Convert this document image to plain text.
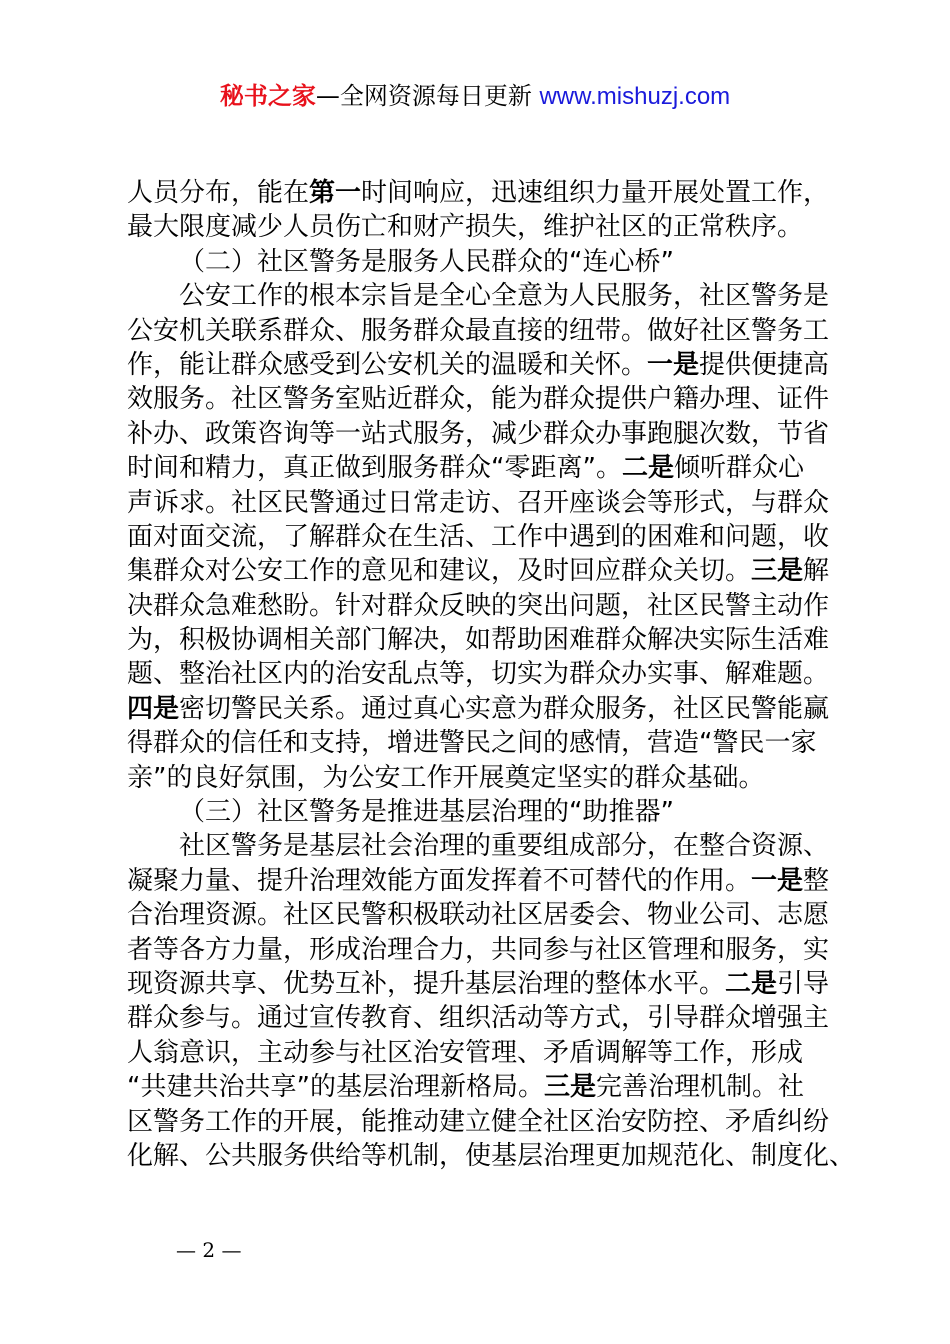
秘书之家—全网资源每日更新 www.mishuzj.com
人员分布，能在第一时间响应，迅速组织力量开展处置工作，
最大限度减少人员伤亡和财产损失，维护社区的正常秩序。
（二）社区警务是服务人民群众的“连心桥”
公安工作的根本宗旨是全心全意为人民服务，社区警务是
公安机关联系群众、服务群众最直接的纽带。做好社区警务工
作，能让群众感受到公安机关的温暖和关怀。一是提供便捷高
效服务。社区警务室贴近群众，能为群众提供户籍办理、证件
补办、政策咨询等一站式服务，减少群众办事跑腿次数，节省
时间和精力，真正做到服务群众“零距离”。二是倾听群众心
声诉求。社区民警通过日常走访、召开座谈会等形式，与群众
面对面交流，了解群众在生活、工作中遇到的困难和问题，收
集群众对公安工作的意见和建议，及时回应群众关切。三是解
决群众急难愁盼。针对群众反映的突出问题，社区民警主动作
为，积极协调相关部门解决，如帮助困难群众解决实际生活难
题、整治社区内的治安乱点等，切实为群众办实事、解难题。
四是密切警民关系。通过真心实意为群众服务，社区民警能赢
得群众的信任和支持，增进警民之间的感情，营造“警民一家
亲”的良好氛围，为公安工作开展奠定坚实的群众基础。
（三）社区警务是推进基层治理的“助推器”
社区警务是基层社会治理的重要组成部分，在整合资源、
凝聚力量、提升治理效能方面发挥着不可替代的作用。一是整
合治理资源。社区民警积极联动社区居委会、物业公司、志愿
者等各方力量，形成治理合力，共同参与社区管理和服务，实
现资源共享、优势互补，提升基层治理的整体水平。二是引导
群众参与。通过宣传教育、组织活动等方式，引导群众增强主
人翁意识，主动参与社区治安管理、矛盾调解等工作，形成
“共建共治共享”的基层治理新格局。三是完善治理机制。社
区警务工作的开展，能推动建立健全社区治安防控、矛盾纠纷
化解、公共服务供给等机制，使基层治理更加规范化、制度化、
— 2 —
